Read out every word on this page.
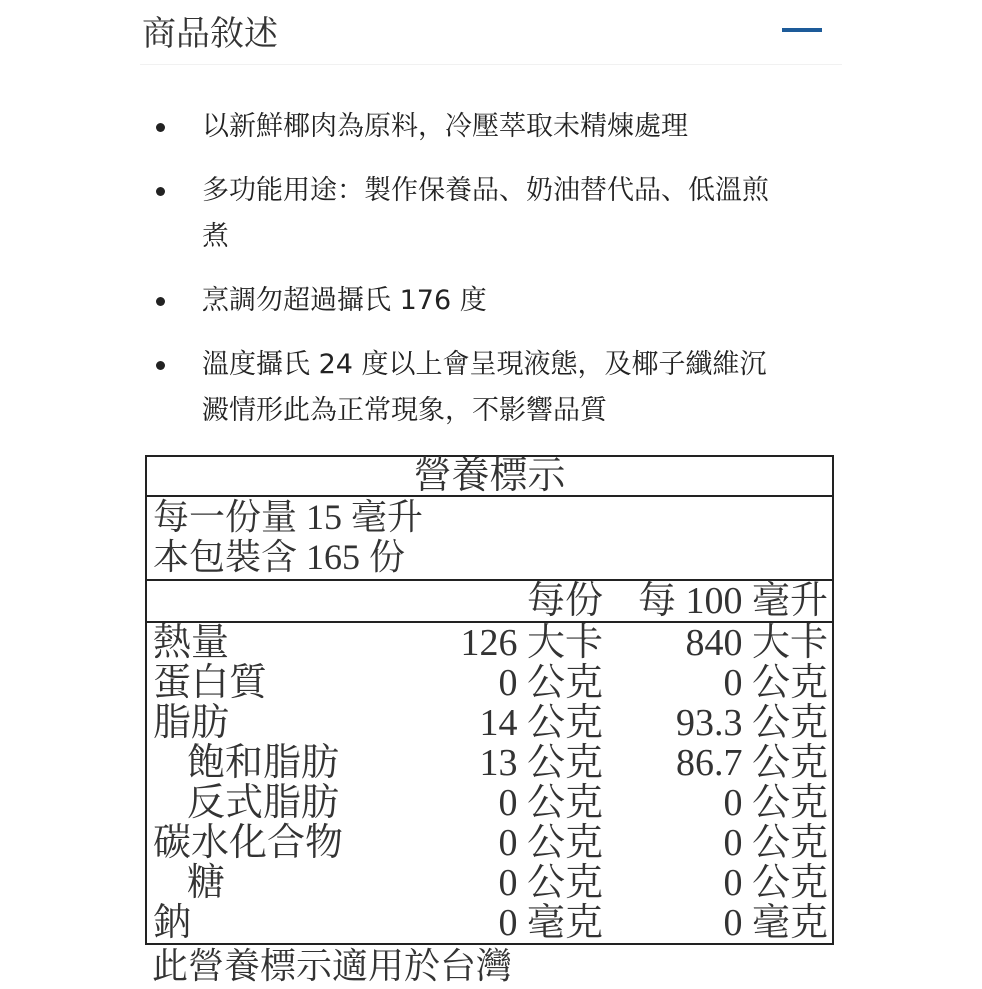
商品敘述
以新鮮椰肉為原料，冷壓萃取未精煉處理
多功能用途：製作保養品、奶油替代品、低溫煎煮
烹調勿超過攝氏 176 度
溫度攝氏 24 度以上會呈現液態，及椰子纖維沉澱情形此為正常現象，不影響品質
營養標示
每一份量 15 毫升
本包裝含 165 份
每份 每 100 毫升
熱量	126 大卡	840 大卡
蛋白質	0 公克	0 公克
脂肪	14 公克	93.3 公克
飽和脂肪	13 公克	86.7 公克
反式脂肪	0 公克	0 公克
碳水化合物	0 公克	0 公克
糖	0 公克	0 公克
鈉	0 毫克	0 毫克
此營養標示適用於台灣
